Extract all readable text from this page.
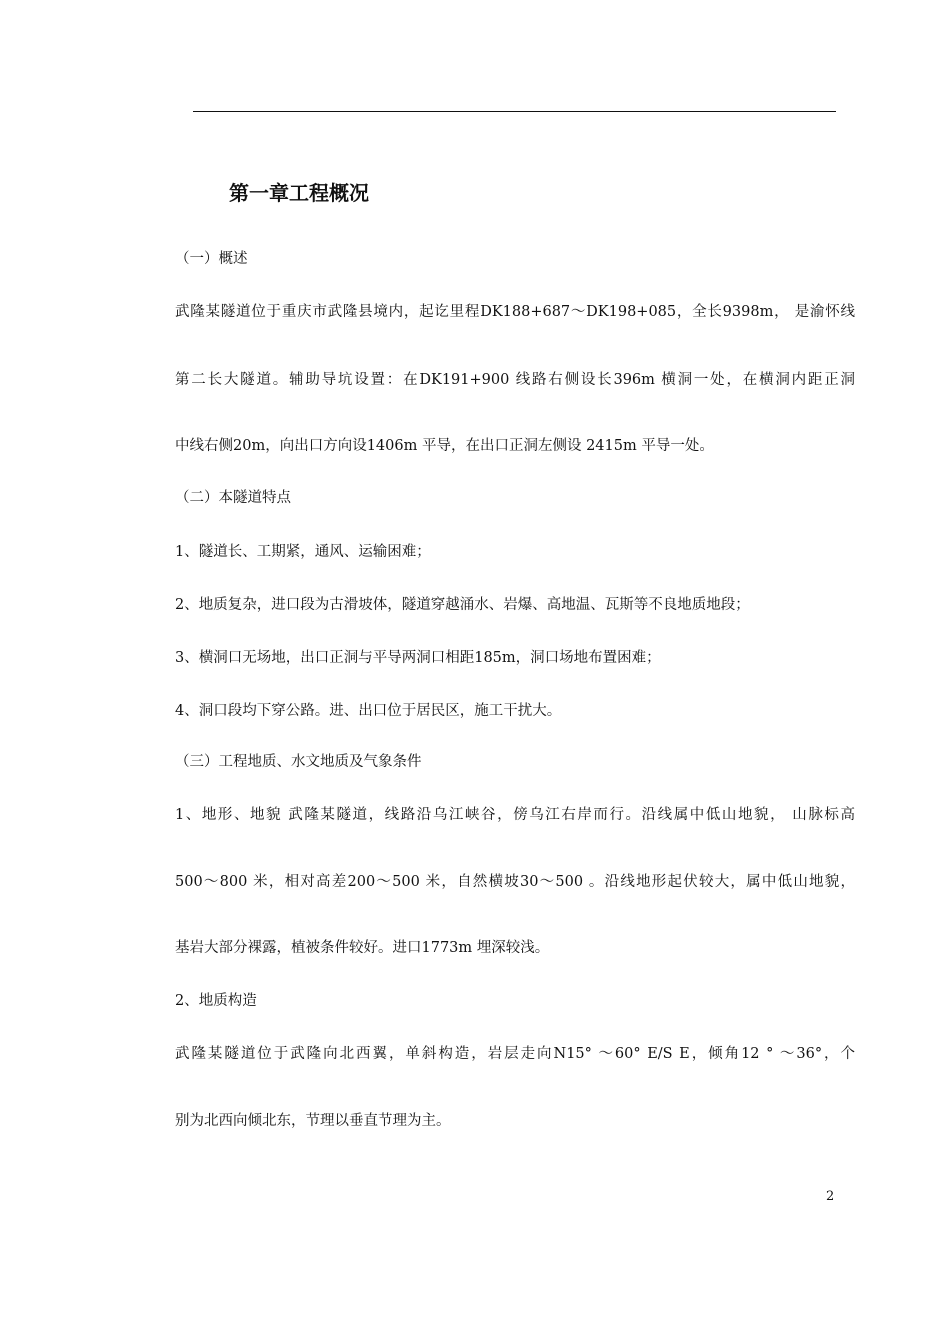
第一章工程概况
（一）概述
武隆某隧道位于重庆市武隆县境内，起讫里程DK188+687～DK198+085，全长9398m， 是渝怀线
第二长大隧道。辅助导坑设置：在DK191+900 线路右侧设长396m 横洞一处，在横洞内距正洞
中线右侧20m，向出口方向设1406m 平导，在出口正洞左侧设 2415m 平导一处。
（二）本隧道特点
1、隧道长、工期紧，通风、运输困难；
2、地质复杂，进口段为古滑坡体，隧道穿越涌水、岩爆、高地温、瓦斯等不良地质地段；
3、横洞口无场地，出口正洞与平导两洞口相距185m，洞口场地布置困难；
4、洞口段均下穿公路。进、出口位于居民区，施工干扰大。
（三）工程地质、水文地质及气象条件
1、地形、地貌 武隆某隧道，线路沿乌江峡谷，傍乌江右岸而行。沿线属中低山地貌， 山脉标高
500～800 米，相对高差200～500 米，自然横坡30～500 。沿线地形起伏较大，属中低山地貌，
基岩大部分裸露，植被条件较好。进口1773m 埋深较浅。
2、地质构造
武隆某隧道位于武隆向北西翼，单斜构造，岩层走向N15° ～60° E/S E，倾角12 ° ～36°，个
别为北西向倾北东，节理以垂直节理为主。
2
